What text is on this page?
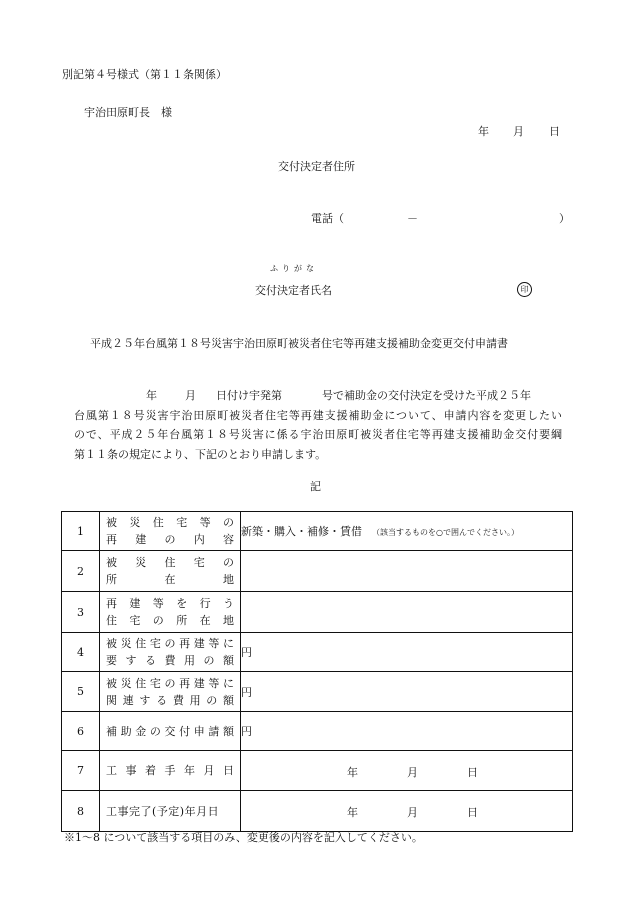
別記第４号様式（第１１条関係）
宇治田原町長　様
年 月 日
交付決定者住所
電話（	－	）
ふりがな
交付決定者氏名	印
平成２５年台風第１８号災害宇治田原町被災者住宅等再建支援補助金変更交付申請書

年	月 日付け宇発第	号で補助金の交付決定を受けた平成２５年

台風第１８号災害宇治田原町被災者住宅等再建支援補助金について、申請内容を変更したい

ので、平成２５年台風第１８号災害に係る宇治田原町被災者住宅等再建支援補助金交付要綱

第１１条の規定により、下記のとおり申請します。

記
1	被災住宅等の
再建の内容	新築・購入・補修・賃借 （該当するものを○で囲んでください。）
2	被災住宅の
所在地	

3	再建等を行う
住宅の所在地	

4	被災住宅の再建等に
要する費用の額	円
5	被災住宅の再建等に
関連する費用の額	円
6	補助金の交付申請額	円
7	工事着手年月日	年 月 日

8	工事完了(予定)年月日	年 月 日
※1～8 について該当する項目のみ、変更後の内容を記入してください。
